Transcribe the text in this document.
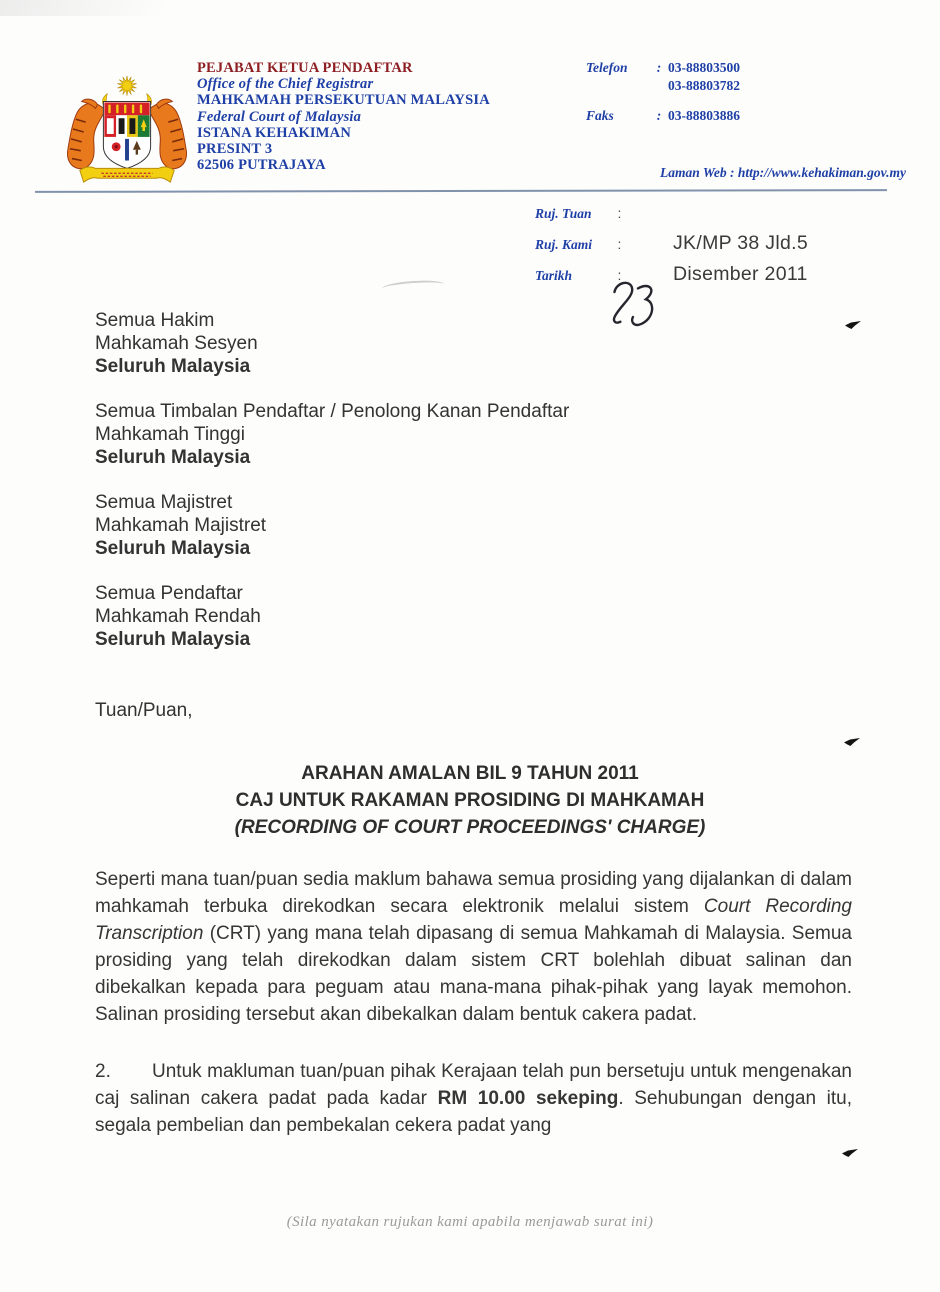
PEJABAT KETUA PENDAFTAR
Office of the Chief Registrar
MAHKAMAH PERSEKUTUAN MALAYSIA
Federal Court of Malaysia
ISTANA KEHAKIMAN
PRESINT 3
62506 PUTRAJAYA
Telefon	: 03-88803500
03-88803782
Faks	: 03-88803886
Laman Web : http://www.kehakiman.gov.my
Ruj. Tuan :
Ruj. Kami :	JK/MP 38 Jld.5
Tarikh	:	Disember 2011
Semua Hakim
Mahkamah Sesyen
Seluruh Malaysia
Semua Timbalan Pendaftar / Penolong Kanan Pendaftar
Mahkamah Tinggi
Seluruh Malaysia
Semua Majistret
Mahkamah Majistret
Seluruh Malaysia
Semua Pendaftar
Mahkamah Rendah
Seluruh Malaysia
Tuan/Puan,
ARAHAN AMALAN BIL 9 TAHUN 2011
CAJ UNTUK RAKAMAN PROSIDING DI MAHKAMAH
(RECORDING OF COURT PROCEEDINGS' CHARGE)
Seperti mana tuan/puan sedia maklum bahawa semua prosiding yang dijalankan di dalam mahkamah terbuka direkodkan secara elektronik melalui sistem Court Recording Transcription (CRT) yang mana telah dipasang di semua Mahkamah di Malaysia. Semua prosiding yang telah direkodkan dalam sistem CRT bolehlah dibuat salinan dan dibekalkan kepada para peguam atau mana-mana pihak-pihak yang layak memohon. Salinan prosiding tersebut akan dibekalkan dalam bentuk cakera padat.
2. Untuk makluman tuan/puan pihak Kerajaan telah pun bersetuju untuk mengenakan caj salinan cakera padat pada kadar RM 10.00 sekeping. Sehubungan dengan itu, segala pembelian dan pembekalan cekera padat yang
(Sila nyatakan rujukan kami apabila menjawab surat ini)
